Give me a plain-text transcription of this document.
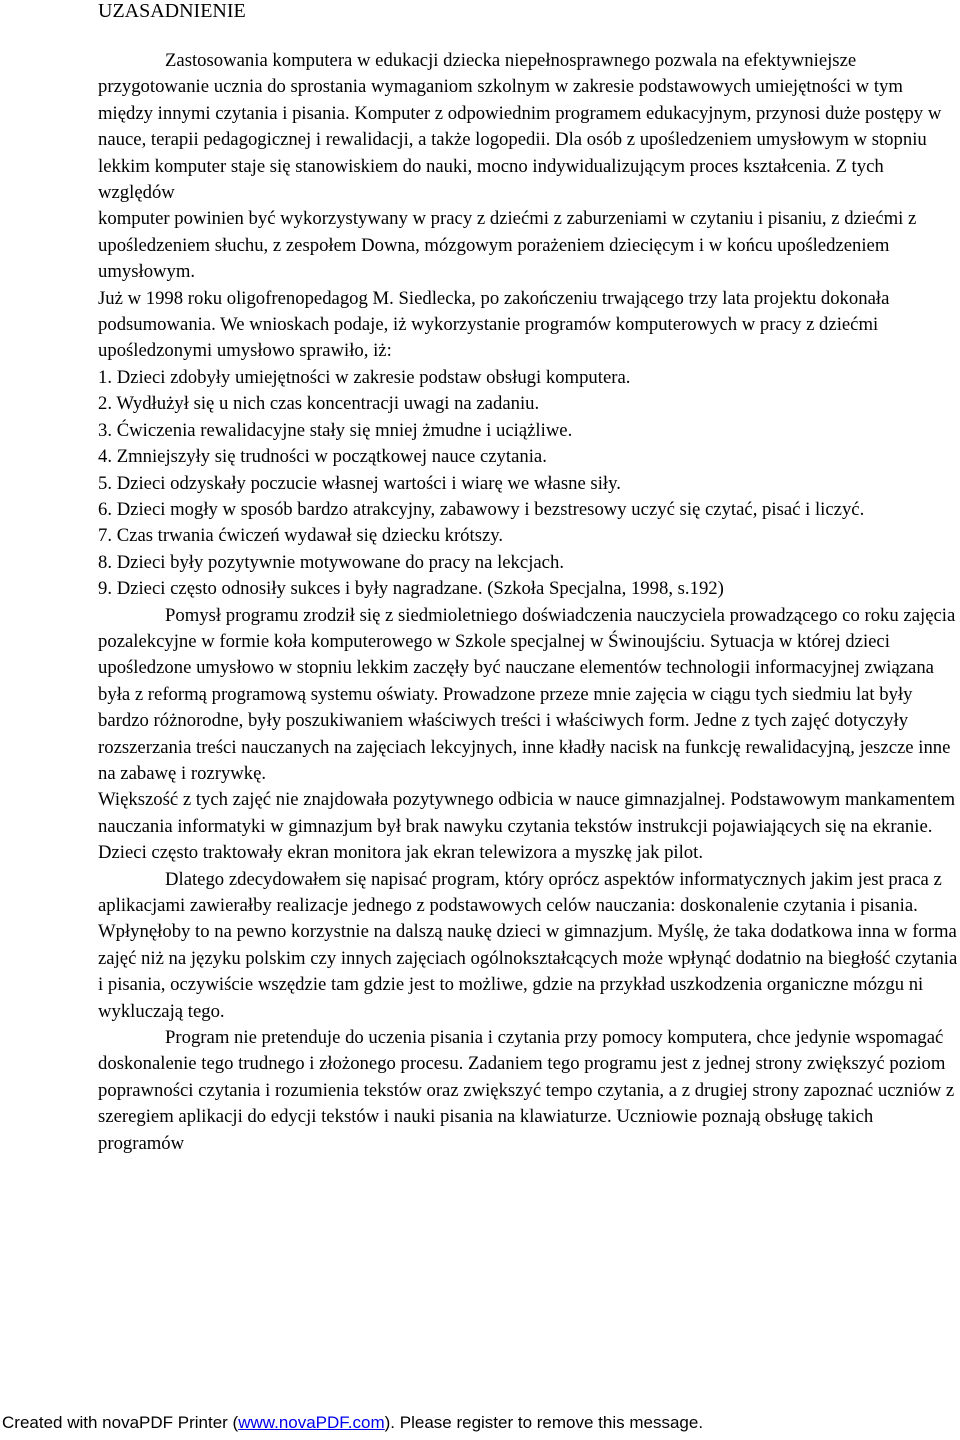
UZASADNIENIE

Zastosowania komputera w edukacji dziecka niepełnosprawnego pozwala na efektywniejsze przygotowanie ucznia do sprostania wymaganiom szkolnym w zakresie podstawowych umiejętności w tym między innymi czytania i pisania. Komputer z odpowiednim programem edukacyjnym, przynosi duże postępy w nauce, terapii pedagogicznej i rewalidacji, a także logopedii. Dla osób z upośledzeniem umysłowym w stopniu lekkim komputer staje się stanowiskiem do nauki, mocno indywidualizującym proces kształcenia. Z tych względów

komputer powinien być wykorzystywany w pracy z dziećmi z zaburzeniami w czytaniu i pisaniu, z dziećmi z upośledzeniem słuchu, z zespołem Downa, mózgowym porażeniem dziecięcym i w końcu upośledzeniem umysłowym.

Już w 1998 roku oligofrenopedagog M. Siedlecka, po zakończeniu trwającego trzy lata projektu dokonała podsumowania. We wnioskach podaje, iż wykorzystanie programów komputerowych w pracy z dziećmi upośledzonymi umysłowo sprawiło, iż:

1. Dzieci zdobyły umiejętności w zakresie podstaw obsługi komputera.

2. Wydłużył się u nich czas koncentracji uwagi na zadaniu.

3. Ćwiczenia rewalidacyjne stały się mniej żmudne i uciążliwe.

4. Zmniejszyły się trudności w początkowej nauce czytania.

5. Dzieci odzyskały poczucie własnej wartości i wiarę we własne siły.

6. Dzieci mogły w sposób bardzo atrakcyjny, zabawowy i bezstresowy uczyć się czytać, pisać i liczyć.

7. Czas trwania ćwiczeń wydawał się dziecku krótszy.

8. Dzieci były pozytywnie motywowane do pracy na lekcjach.

9. Dzieci często odnosiły sukces i były nagradzane. (Szkoła Specjalna, 1998, s.192)

Pomysł programu zrodził się z siedmioletniego doświadczenia nauczyciela prowadzącego co roku zajęcia pozalekcyjne w formie koła komputerowego w Szkole specjalnej w Świnoujściu. Sytuacja w której dzieci upośledzone umysłowo w stopniu lekkim zaczęły być nauczane elementów technologii informacyjnej związana była z reformą programową systemu oświaty. Prowadzone przeze mnie zajęcia w ciągu tych siedmiu lat były bardzo różnorodne, były poszukiwaniem właściwych treści i właściwych form. Jedne z tych zajęć dotyczyły rozszerzania treści nauczanych na zajęciach lekcyjnych, inne kładły nacisk na funkcję rewalidacyjną, jeszcze inne na zabawę i rozrywkę.

Większość z tych zajęć nie znajdowała pozytywnego odbicia w nauce gimnazjalnej. Podstawowym mankamentem nauczania informatyki w gimnazjum był brak nawyku czytania tekstów instrukcji pojawiających się na ekranie. Dzieci często traktowały ekran monitora jak ekran telewizora a myszkę jak pilot.

Dlatego zdecydowałem się napisać program, który oprócz aspektów informatycznych jakim jest praca z aplikacjami zawierałby realizacje jednego z podstawowych celów nauczania: doskonalenie czytania i pisania. Wpłynęłoby to na pewno korzystnie na dalszą naukę dzieci w gimnazjum. Myślę, że taka dodatkowa inna w forma zajęć niż na języku polskim czy innych zajęciach ogólnokształcących może wpłynąć dodatnio na biegłość czytania i pisania, oczywiście wszędzie tam gdzie jest to możliwe, gdzie na przykład uszkodzenia organiczne mózgu ni wykluczają tego.

Program nie pretenduje do uczenia pisania i czytania przy pomocy komputera, chce jedynie wspomagać doskonalenie tego trudnego i złożonego procesu. Zadaniem tego programu jest z jednej strony zwiększyć poziom poprawności czytania i rozumienia tekstów oraz zwiększyć tempo czytania, a z drugiej strony zapoznać uczniów z szeregiem aplikacji do edycji tekstów i nauki pisania na klawiaturze. Uczniowie poznają obsługę takich programów

Created with novaPDF Printer (www.novaPDF.com). Please register to remove this message.
